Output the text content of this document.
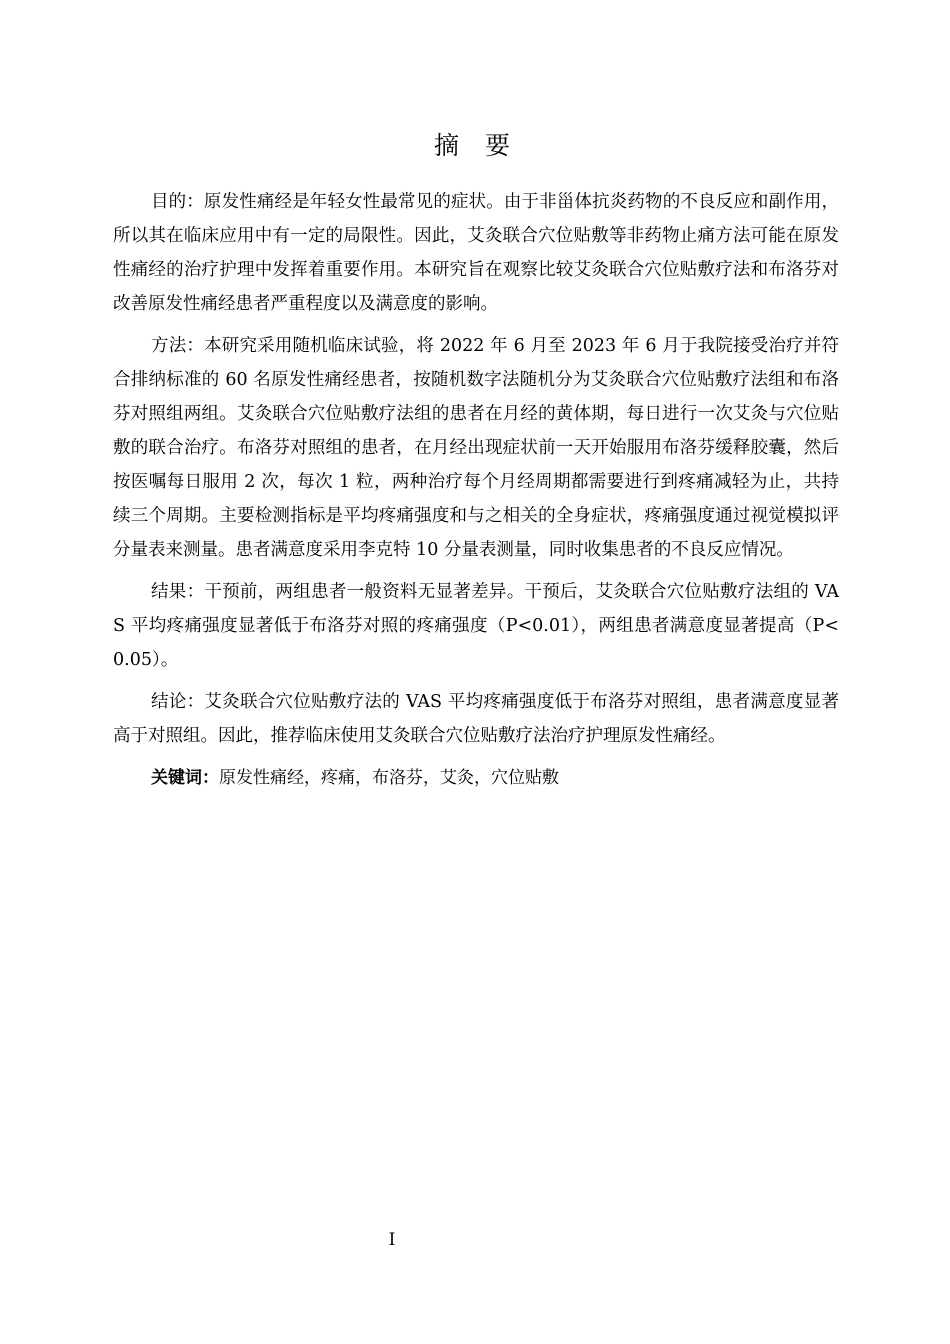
摘要

目的：原发性痛经是年轻女性最常见的症状。由于非甾体抗炎药物的不良反应和副作用，所以其在临床应用中有一定的局限性。因此，艾灸联合穴位贴敷等非药物止痛方法可能在原发性痛经的治疗护理中发挥着重要作用。本研究旨在观察比较艾灸联合穴位贴敷疗法和布洛芬对改善原发性痛经患者严重程度以及满意度的影响。

方法：本研究采用随机临床试验，将 2022 年 6 月至 2023 年 6 月于我院接受治疗并符合排纳标准的 60 名原发性痛经患者，按随机数字法随机分为艾灸联合穴位贴敷疗法组和布洛芬对照组两组。艾灸联合穴位贴敷疗法组的患者在月经的黄体期，每日进行一次艾灸与穴位贴敷的联合治疗。布洛芬对照组的患者，在月经出现症状前一天开始服用布洛芬缓释胶囊，然后按医嘱每日服用 2 次，每次 1 粒，两种治疗每个月经周期都需要进行到疼痛减轻为止，共持续三个周期。主要检测指标是平均疼痛强度和与之相关的全身症状，疼痛强度通过视觉模拟评分量表来测量。患者满意度采用李克特 10 分量表测量，同时收集患者的不良反应情况。

结果：干预前，两组患者一般资料无显著差异。干预后，艾灸联合穴位贴敷疗法组的 VAS 平均疼痛强度显著低于布洛芬对照的疼痛强度（P<0.01），两组患者满意度显著提高（P<0.05）。

结论：艾灸联合穴位贴敷疗法的 VAS 平均疼痛强度低于布洛芬对照组，患者满意度显著高于对照组。因此，推荐临床使用艾灸联合穴位贴敷疗法治疗护理原发性痛经。

关键词：原发性痛经，疼痛，布洛芬，艾灸，穴位贴敷

I
